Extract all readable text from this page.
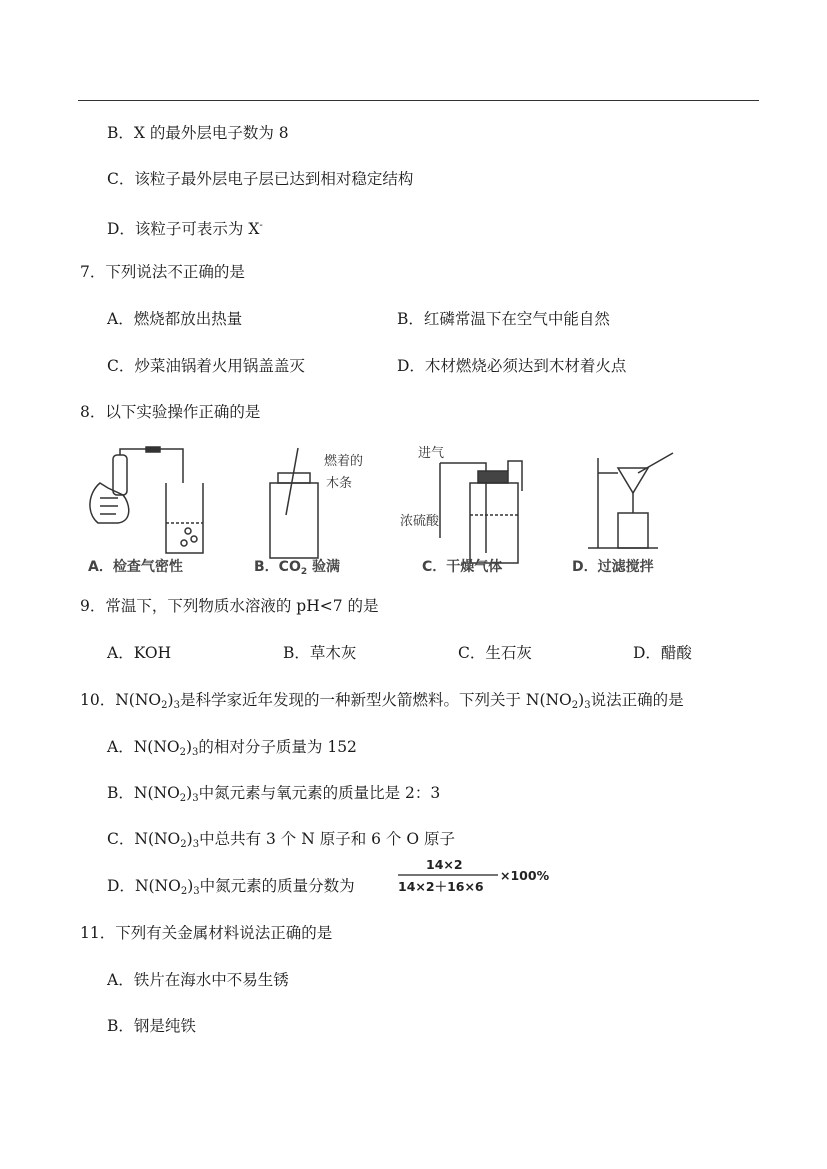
B．X 的最外层电子数为 8
C．该粒子最外层电子层已达到相对稳定结构
D．该粒子可表示为 X-
7．下列说法不正确的是
A．燃烧都放出热量	B．红磷常温下在空气中能自然
C．炒菜油锅着火用锅盖盖灭	D．木材燃烧必须达到木材着火点
8．以下实验操作正确的是
燃着的
木条
进气
浓硫酸
A．检查气密性	B．$CO_2$ 验满	C．干燥气体	D．过滤搅拌
9．常温下，下列物质水溶液的 pH<7 的是
A．KOH	B．草木灰	C．生石灰	D．醋酸
10．$N(NO_2)_3$是科学家近年发现的一种新型火箭燃料。下列关于 $N(NO_2)_3$说法正确的是
A．$N(NO_2)_3$的相对分子质量为 152
B．$N(NO_2)_3$中氮元素与氧元素的质量比是 2：3
C．$N(NO_2)_3$中总共有 3 个 N 原子和 6 个 O 原子
D．$N(NO_2)_3$中氮元素的质量分数为
14×2
14×2＋16×6
×100%
11．下列有关金属材料说法正确的是
A．铁片在海水中不易生锈
B．钢是纯铁
